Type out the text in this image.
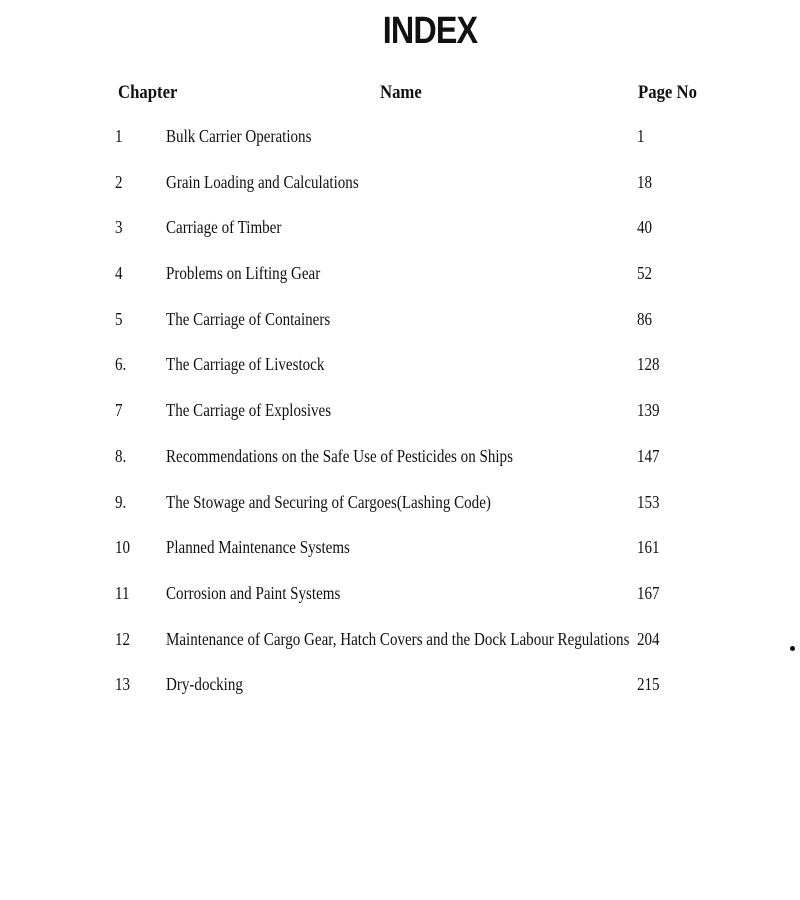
INDEX
Chapter	Name	Page No
1 Bulk Carrier Operations	1
2 Grain Loading and Calculations	18
3 Carriage of Timber	40
4 Problems on Lifting Gear	52
5 The Carriage of Containers	86
6. The Carriage of Livestock	128
7 The Carriage of Explosives	139
8. Recommendations on the Safe Use of Pesticides on Ships	147
9. The Stowage and Securing of Cargoes(Lashing Code)	153
10 Planned Maintenance Systems	161
11 Corrosion and Paint Systems	167
12 Maintenance of Cargo Gear, Hatch Covers and the Dock Labour Regulations 204
13 Dry-docking	215
